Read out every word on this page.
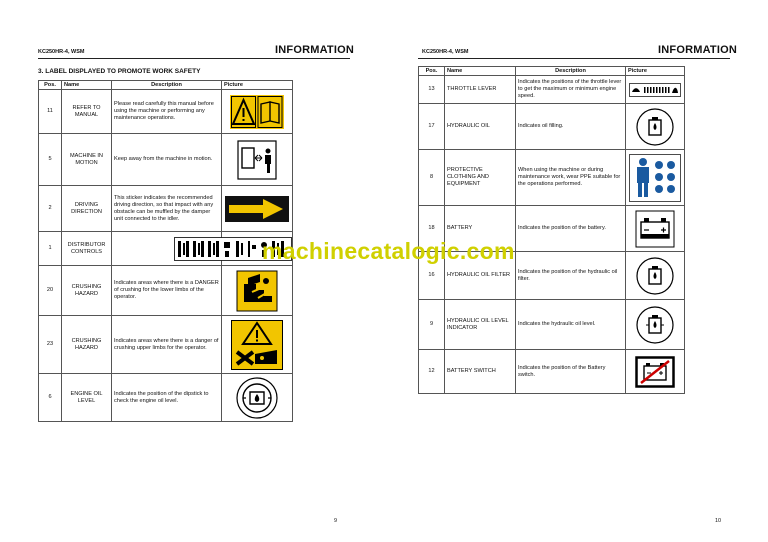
KC250HR-4, WSM	INFORMATION
3. LABEL DISPLAYED TO PROMOTE WORK SAFETY
Pos.	Name	Description	Picture
11	REFER TO MANUAL	Please read carefully this manual before using the machine or performing any maintenance operations.	

5	MACHINE IN MOTION	Keep away from the machine in motion.	

2	DRIVING DIRECTION	This sticker indicates the recommended driving direction, so that impact with any obstacle can be muffled by the damper unit connected to the idler.	

1	DISTRIBUTOR CONTROLS		

20	CRUSHING HAZARD	Indicates areas where there is a DANGER of crushing for the lower limbs of the operator.	

23	CRUSHING HAZARD	Indicates areas where there is a danger of crushing upper limbs for the operator.	

6	ENGINE OIL LEVEL	Indicates the position of the dipstick to check the engine oil level.	
9
KC250HR-4, WSM	INFORMATION
Pos.	Name	Description	Picture
13	THROTTLE LEVER	Indicates the positions of the throttle lever to get the maximum or minimum engine speed.	

17	HYDRAULIC OIL	Indicates oil filling.	

8	PROTECTIVE CLOTHING AND EQUIPMENT	When using the machine or during maintenance work, wear PPE suitable for the operations performed.	

18	BATTERY	Indicates the position of the battery.	

16	HYDRAULIC OIL FILTER	Indicates the position of the hydraulic oil filter.	

9	HYDRAULIC OIL LEVEL INDICATOR	Indicates the hydraulic oil level.	

12	BATTERY SWITCH	Indicates the position of the Battery switch.	
10
machinecatalogic.com
